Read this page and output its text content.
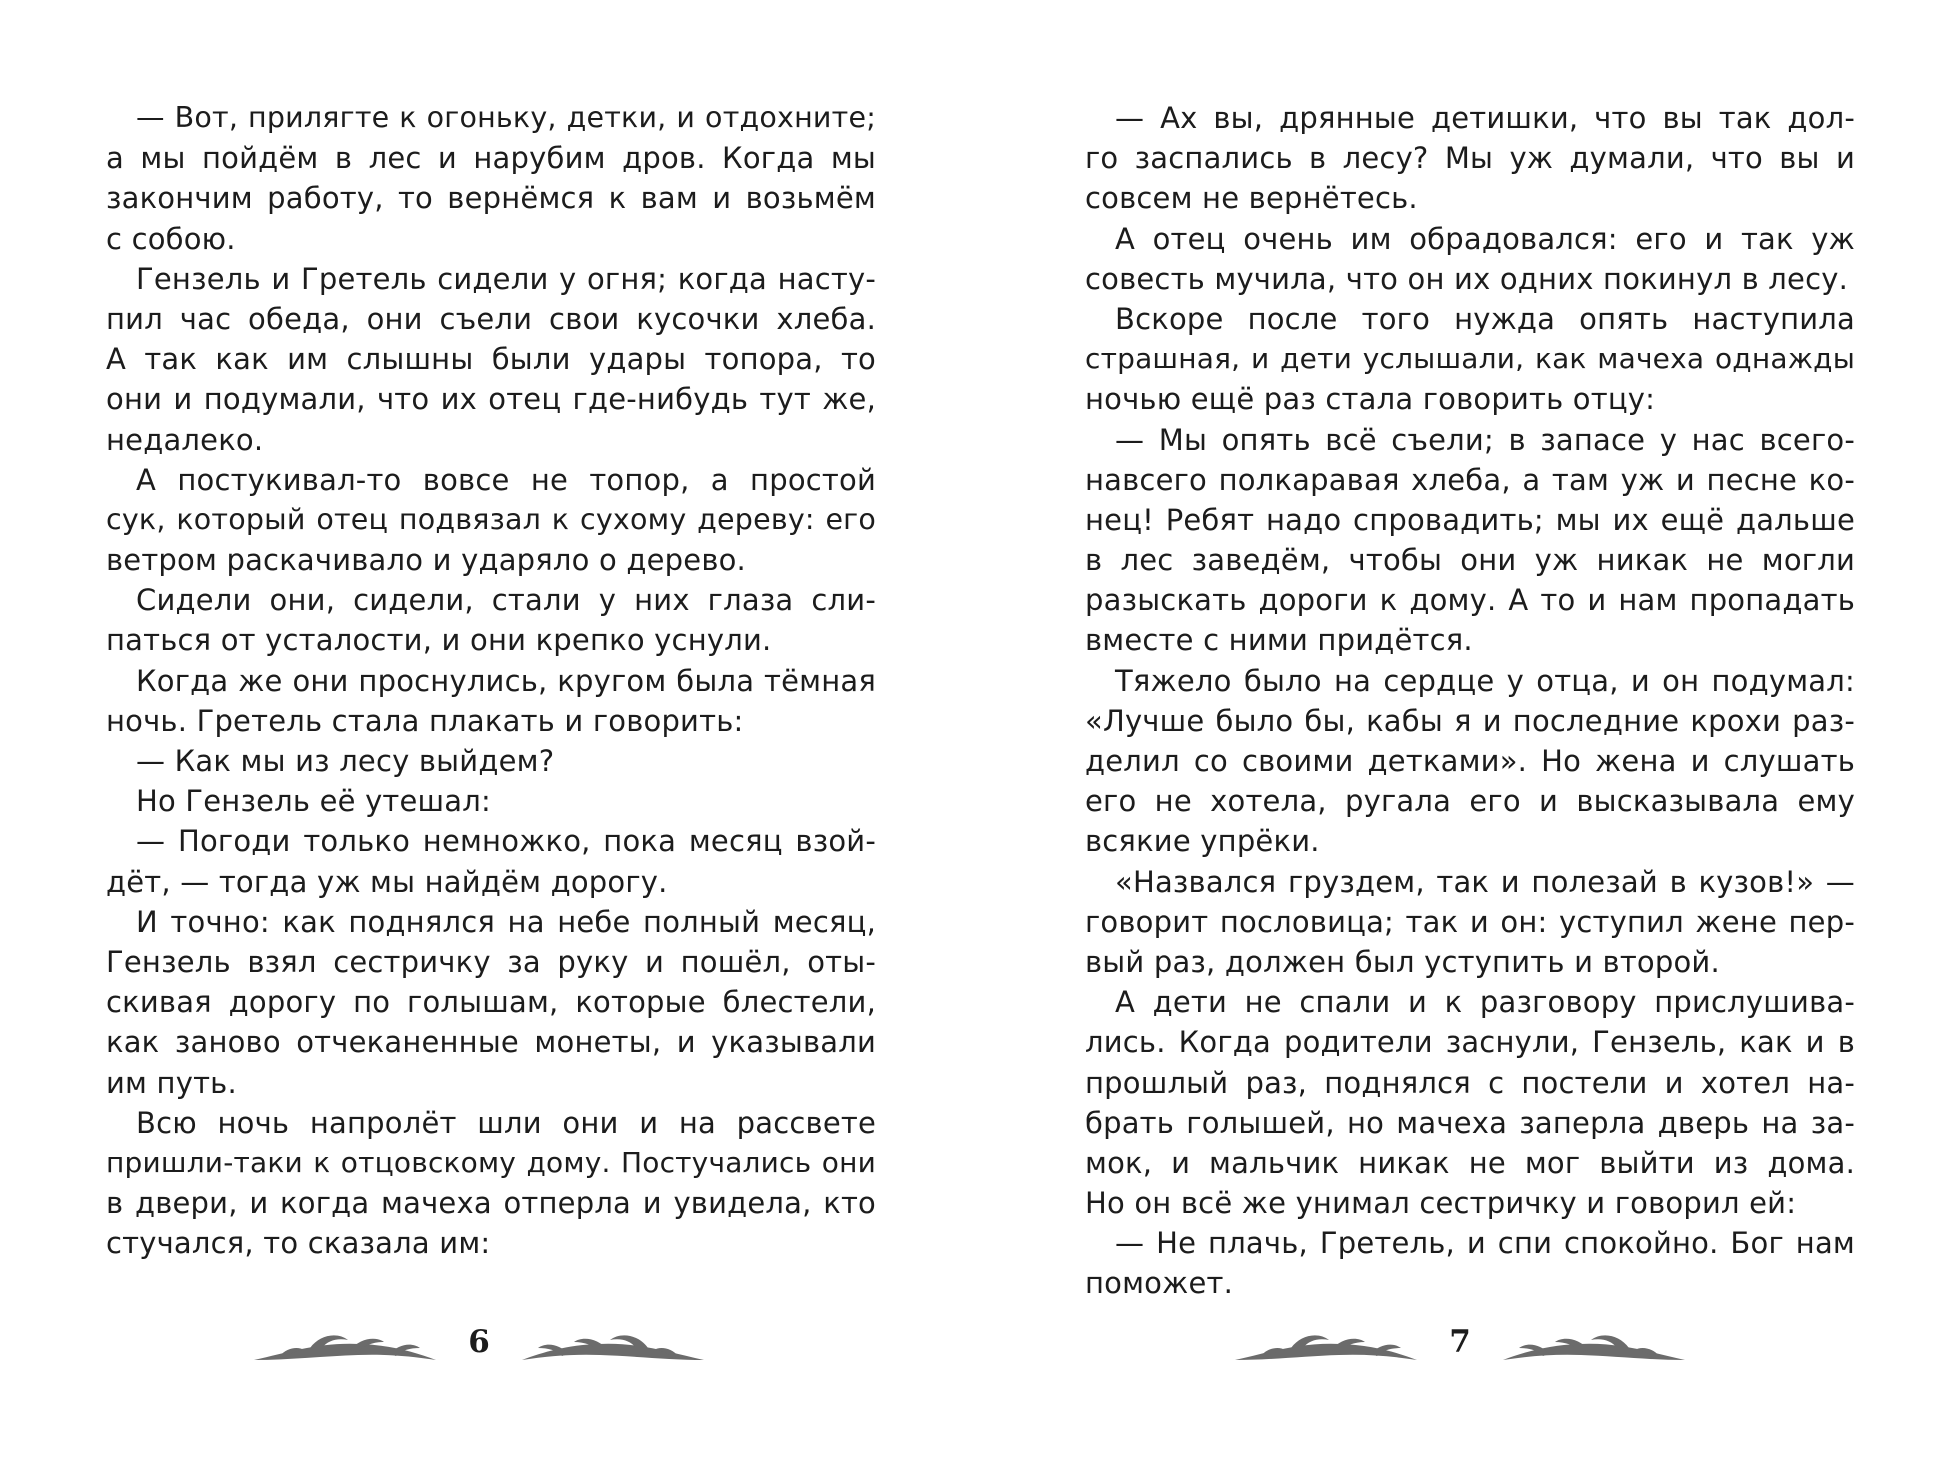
— Вот, прилягте к огоньку, детки, и отдохните;
а мы пойдём в лес и нарубим дров. Когда мы
закончим работу, то вернёмся к вам и возьмём
с собою.
Гензель и Гретель сидели у огня; когда насту-
пил час обеда, они съели свои кусочки хлеба.
А так как им слышны были удары топора, то
они и подумали, что их отец где-нибудь тут же,
недалеко.
А постукивал-то вовсе не топор, а простой
сук, который отец подвязал к сухому дереву: его
ветром раскачивало и ударяло о дерево.
Сидели они, сидели, стали у них глаза сли-
паться от усталости, и они крепко уснули.
Когда же они проснулись, кругом была тёмная
ночь. Гретель стала плакать и говорить:
— Как мы из лесу выйдем?
Но Гензель её утешал:
— Погоди только немножко, пока месяц взой-
дёт, — тогда уж мы найдём дорогу.
И точно: как поднялся на небе полный месяц,
Гензель взял сестричку за руку и пошёл, оты-
скивая дорогу по голышам, которые блестели,
как заново отчеканенные монеты, и указывали
им путь.
Всю ночь напролёт шли они и на рассвете
пришли-таки к отцовскому дому. Постучались они
в двери, и когда мачеха отперла и увидела, кто
стучался, то сказала им:
6
— Ах вы, дрянные детишки, что вы так дол-
го заспались в лесу? Мы уж думали, что вы и
совсем не вернётесь.
А отец очень им обрадовался: его и так уж
совесть мучила, что он их одних покинул в лесу.
Вскоре после того нужда опять наступила
страшная, и дети услышали, как мачеха однажды
ночью ещё раз стала говорить отцу:
— Мы опять всё съели; в запасе у нас всего-
навсего полкаравая хлеба, а там уж и песне ко-
нец! Ребят надо спровадить; мы их ещё дальше
в лес заведём, чтобы они уж никак не могли
разыскать дороги к дому. А то и нам пропадать
вместе с ними придётся.
Тяжело было на сердце у отца, и он подумал:
«Лучше было бы, кабы я и последние крохи раз-
делил со своими детками». Но жена и слушать
его не хотела, ругала его и высказывала ему
всякие упрёки.
«Назвался груздем, так и полезай в кузов!» —
говорит пословица; так и он: уступил жене пер-
вый раз, должен был уступить и второй.
А дети не спали и к разговору прислушива-
лись. Когда родители заснули, Гензель, как и в
прошлый раз, поднялся с постели и хотел на-
брать голышей, но мачеха заперла дверь на за-
мок, и мальчик никак не мог выйти из дома.
Но он всё же унимал сестричку и говорил ей:
— Не плачь, Гретель, и спи спокойно. Бог нам
поможет.
7
